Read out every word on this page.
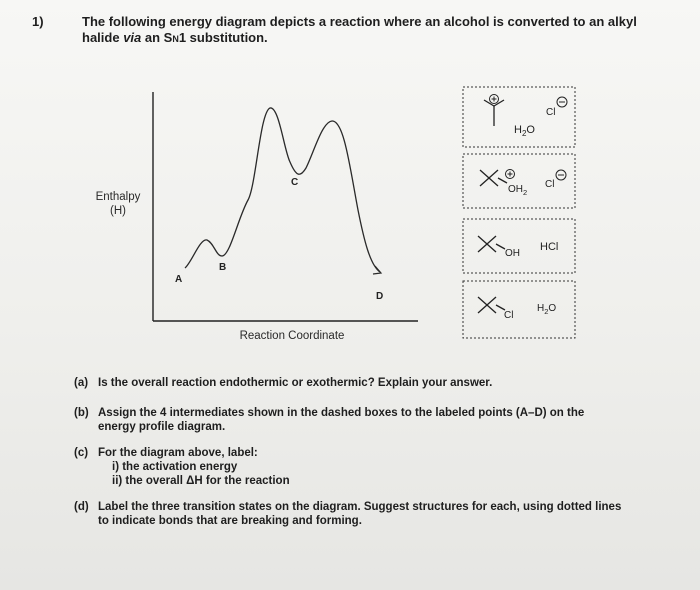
1)	The following energy diagram depicts a reaction where an alcohol is converted to an alkyl
halide via an SN1 substitution.
Enthalpy
(H)
Reaction Coordinate
A
B
C
D
$H_2O$
Cl
$OH_2$
Cl
OH
HCl
Cl
$H_2O$
(a) Is the overall reaction endothermic or exothermic? Explain your answer.
(b) Assign the 4 intermediates shown in the dashed boxes to the labeled points (A–D) on the
energy profile diagram.
(c) For the diagram above, label:
i) the activation energy
ii) the overall ΔH for the reaction
(d) Label the three transition states on the diagram. Suggest structures for each, using dotted lines
to indicate bonds that are breaking and forming.
